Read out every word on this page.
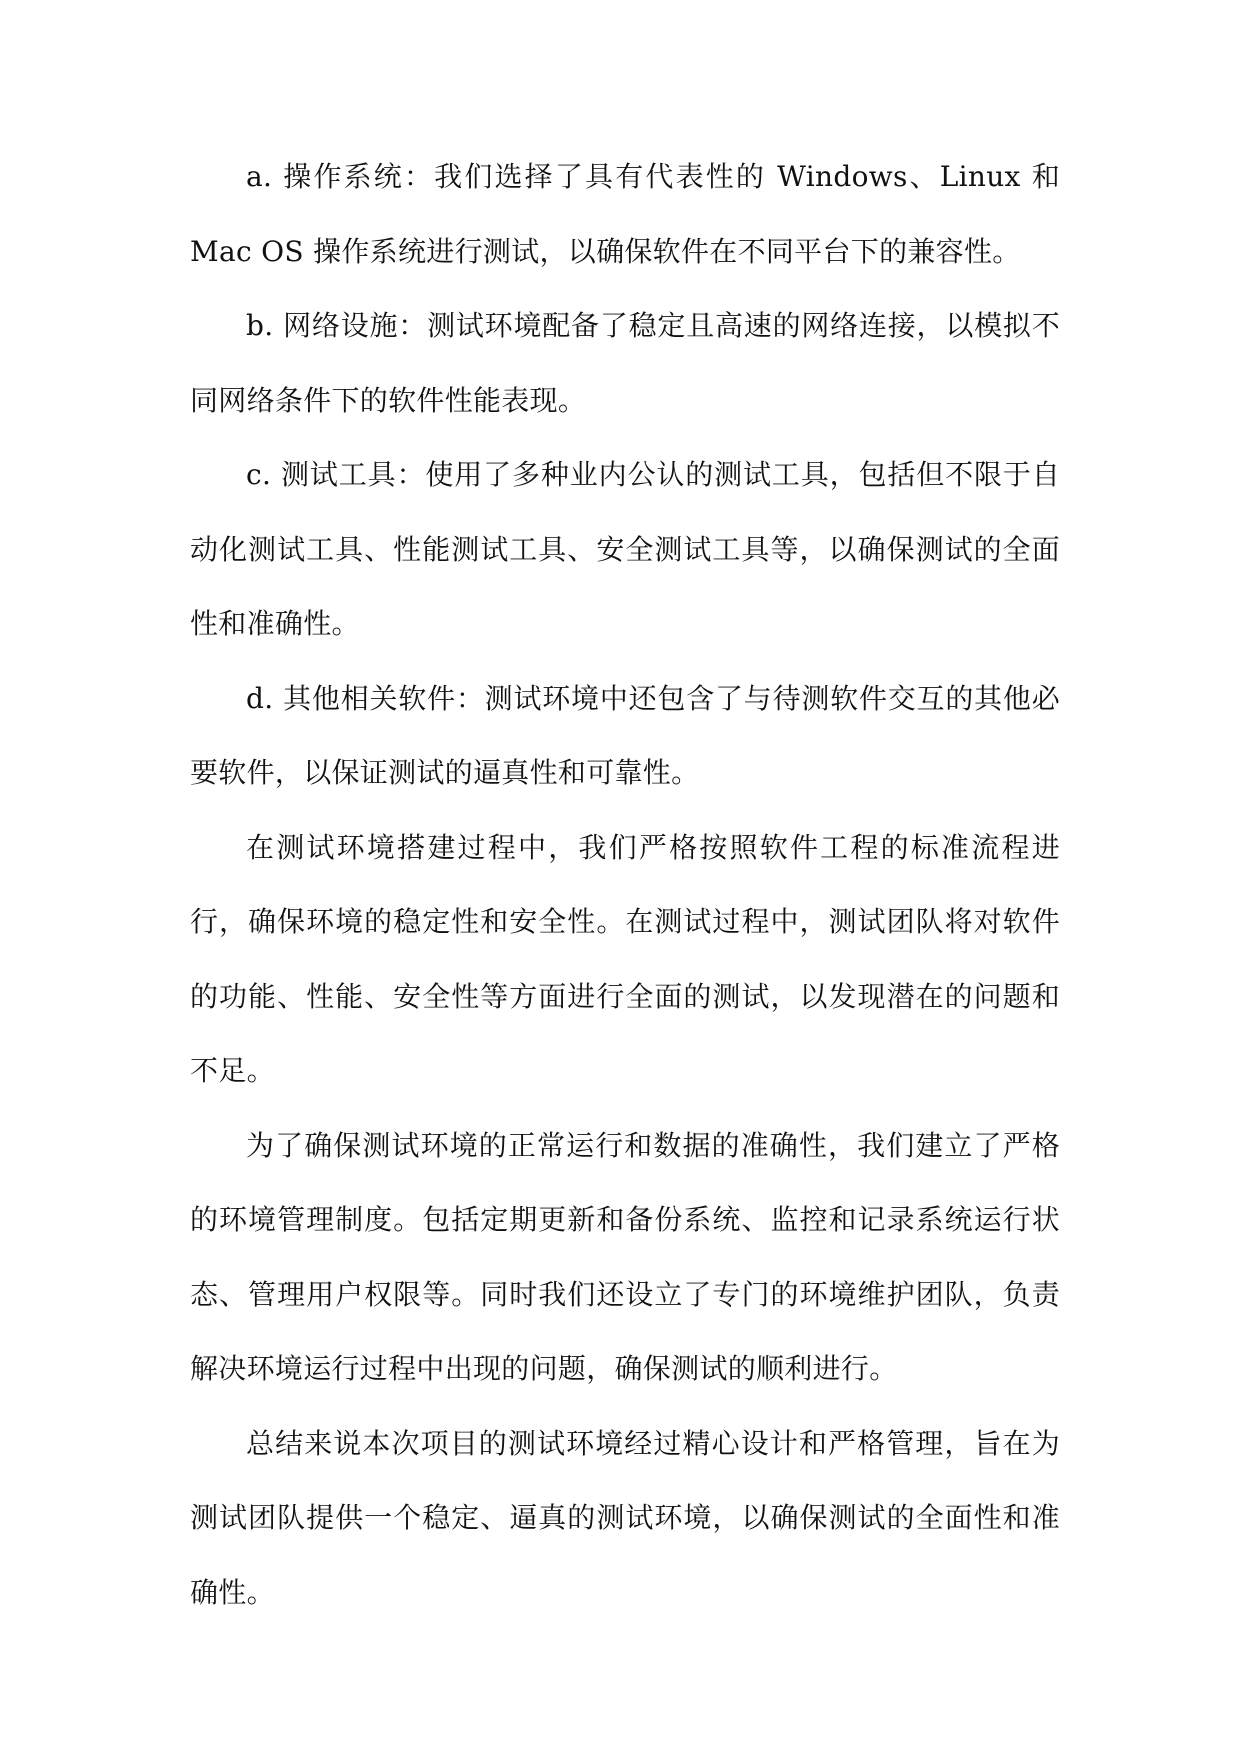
a. 操作系统：我们选择了具有代表性的 Windows、Linux 和 Mac OS 操作系统进行测试，以确保软件在不同平台下的兼容性。

b. 网络设施：测试环境配备了稳定且高速的网络连接，以模拟不同网络条件下的软件性能表现。

c. 测试工具：使用了多种业内公认的测试工具，包括但不限于自动化测试工具、性能测试工具、安全测试工具等，以确保测试的全面性和准确性。

d. 其他相关软件：测试环境中还包含了与待测软件交互的其他必要软件，以保证测试的逼真性和可靠性。

在测试环境搭建过程中，我们严格按照软件工程的标准流程进行，确保环境的稳定性和安全性。在测试过程中，测试团队将对软件的功能、性能、安全性等方面进行全面的测试，以发现潜在的问题和不足。

为了确保测试环境的正常运行和数据的准确性，我们建立了严格的环境管理制度。包括定期更新和备份系统、监控和记录系统运行状态、管理用户权限等。同时我们还设立了专门的环境维护团队，负责解决环境运行过程中出现的问题，确保测试的顺利进行。

总结来说本次项目的测试环境经过精心设计和严格管理，旨在为测试团队提供一个稳定、逼真的测试环境，以确保测试的全面性和准确性。
